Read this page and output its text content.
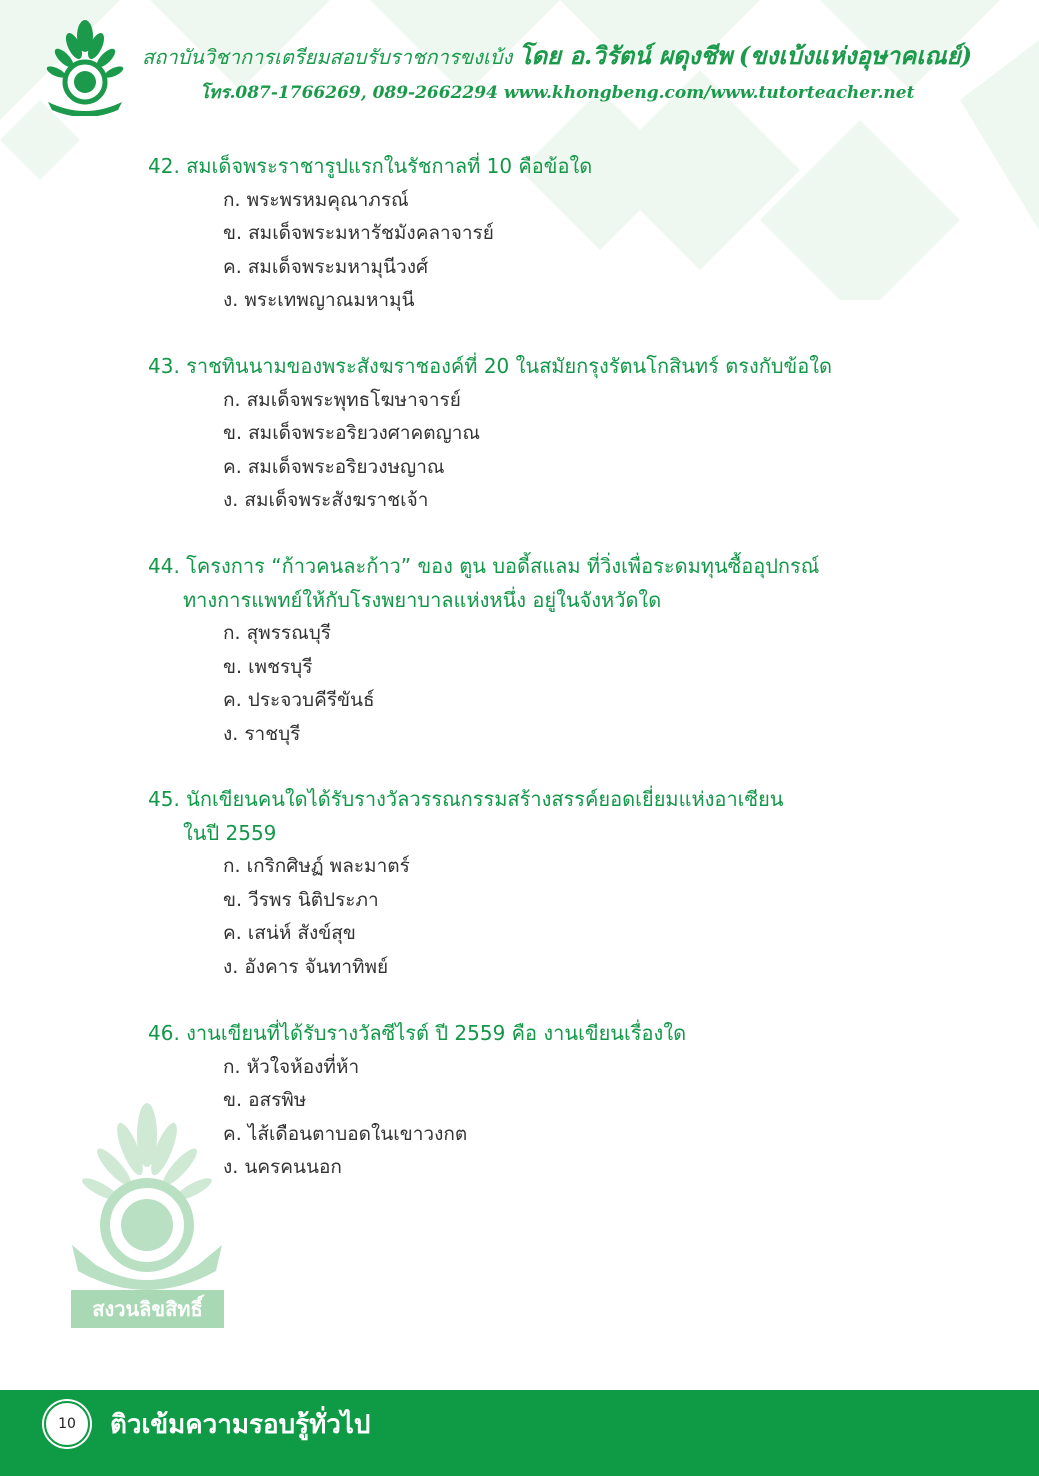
สถาบันวิชาการเตรียมสอบรับราชการขงเบ้ง โดย อ.วิรัตน์ ผดุงชีพ (ขงเบ้งแห่งอุษาคเณย์)
โทร.087-1766269, 089-2662294 www.khongbeng.com/www.tutorteacher.net
สงวนลิขสิทธิ์
42. สมเด็จพระราชารูปแรกในรัชกาลที่ 10 คือข้อใด
ก. พระพรหมคุณาภรณ์
ข. สมเด็จพระมหารัชมังคลาจารย์
ค. สมเด็จพระมหามุนีวงศ์
ง. พระเทพญาณมหามุนี
43. ราชทินนามของพระสังฆราชองค์ที่ 20 ในสมัยกรุงรัตนโกสินทร์ ตรงกับข้อใด
ก. สมเด็จพระพุทธโฆษาจารย์
ข. สมเด็จพระอริยวงศาคตญาณ
ค. สมเด็จพระอริยวงษญาณ
ง. สมเด็จพระสังฆราชเจ้า
44. โครงการ “ก้าวคนละก้าว” ของ ตูน บอดี้สแลม ที่วิ่งเพื่อระดมทุนซื้ออุปกรณ์
ทางการแพทย์ให้กับโรงพยาบาลแห่งหนึ่ง อยู่ในจังหวัดใด
ก. สุพรรณบุรี
ข. เพชรบุรี
ค. ประจวบคีรีขันธ์
ง. ราชบุรี
45. นักเขียนคนใดได้รับรางวัลวรรณกรรมสร้างสรรค์ยอดเยี่ยมแห่งอาเซียน
ในปี 2559
ก. เกริกศิษฏ์ พละมาตร์
ข. วีรพร นิติประภา
ค. เสน่ห์ สังข์สุข
ง. อังคาร จันทาทิพย์
46. งานเขียนที่ได้รับรางวัลซีไรต์ ปี 2559 คือ งานเขียนเรื่องใด
ก. หัวใจห้องที่ห้า
ข. อสรพิษ
ค. ไส้เดือนตาบอดในเขาวงกต
ง. นครคนนอก
10	ติวเข้มความรอบรู้ทั่วไป
